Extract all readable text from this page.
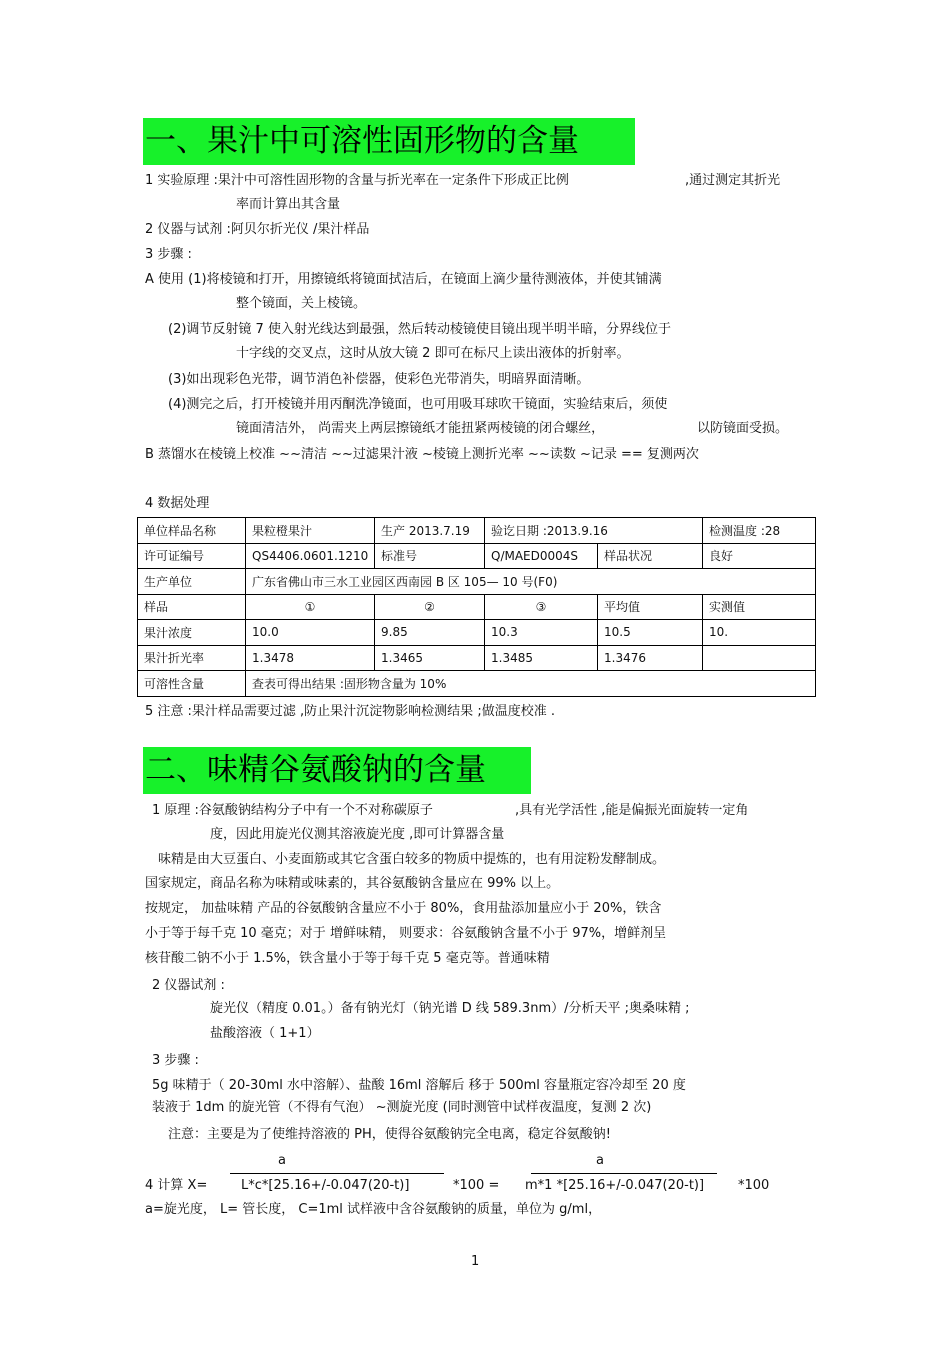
一、果汁中可溶性固形物的含量
1 实验原理 :果汁中可溶性固形物的含量与折光率在一定条件下形成正比例	,通过测定其折光
率而计算出其含量
2 仪器与试剂 :阿贝尔折光仪 /果汁样品
3 步骤 :
A 使用 (1)将棱镜和打开，用擦镜纸将镜面拭洁后，在镜面上滴少量待测液体，并使其铺满
整个镜面，关上棱镜。
(2)调节反射镜 7 使入射光线达到最强，然后转动棱镜使目镜出现半明半暗，分界线位于
十字线的交叉点，这时从放大镜 2 即可在标尺上读出液体的折射率。
(3)如出现彩色光带，调节消色补偿器，使彩色光带消失，明暗界面清晰。
(4)测完之后，打开棱镜并用丙酮洗净镜面，也可用吸耳球吹干镜面，实验结束后，须使
镜面清洁外， 尚需夹上两层擦镜纸才能扭紧两棱镜的闭合螺丝，	以防镜面受损。
B 蒸馏水在棱镜上校准 ~~清洁 ~~过滤果汁液 ~棱镜上测折光率 ~~读数 ~记录 == 复测两次
4 数据处理
单位样品名称	果粒橙果汁	生产 2013.7.19	验讫日期 :2013.9.16		检测温度 :28
许可证编号	QS4406.0601.1210	标准号	Q/MAED0004S	样品状况	良好
生产单位	广东省佛山市三水工业园区西南园 B 区 105— 10 号(F0)				
样品	①	②	③	平均值	实测值
果汁浓度	10.0	9.85	10.3	10.5	10.
果汁折光率	1.3478	1.3465	1.3485	1.3476	
可溶性含量	查表可得出结果 :固形物含量为 10%				
5 注意 :果汁样品需要过滤 ,防止果汁沉淀物影响检测结果 ;做温度校准 .
二、味精谷氨酸钠的含量
1 原理 :谷氨酸钠结构分子中有一个不对称碳原子	,具有光学活性 ,能是偏振光面旋转一定角
度，因此用旋光仪测其溶液旋光度 ,即可计算器含量
味精是由大豆蛋白、小麦面筋或其它含蛋白较多的物质中提炼的，也有用淀粉发酵制成。
国家规定，商品名称为味精或味素的，其谷氨酸钠含量应在 99% 以上。
按规定， 加盐味精 产品的谷氨酸钠含量应不小于 80%，食用盐添加量应小于 20%，铁含
小于等于每千克 10 毫克；对于 增鲜味精， 则要求：谷氨酸钠含量不小于 97%，增鲜剂呈
核苷酸二钠不小于 1.5%，铁含量小于等于每千克 5 毫克等。普通味精
2 仪器试剂 :
旋光仪（精度 0.01。）备有钠光灯（钠光谱 D 线 589.3nm）/分析天平 ;奥桑味精 ;
盐酸溶液（ 1+1）
3 步骤 :
5g 味精于（ 20-30ml 水中溶解）、盐酸 16ml 溶解后 移于 500ml 容量瓶定容冷却至 20 度
装液于 1dm 的旋光管（不得有气泡） ~测旋光度 (同时测管中试样夜温度，复测 2 次)
注意：主要是为了使维持溶液的 PH，使得谷氨酸钠完全电离，稳定谷氨酸钠!
a	a
4 计算 X=	L*c*[25.16+/-0.047(20-t)]	*100 = m*1 *[25.16+/-0.047(20-t)]	*100
a=旋光度， L= 管长度， C=1ml 试样液中含谷氨酸钠的质量，单位为 g/ml，
1
